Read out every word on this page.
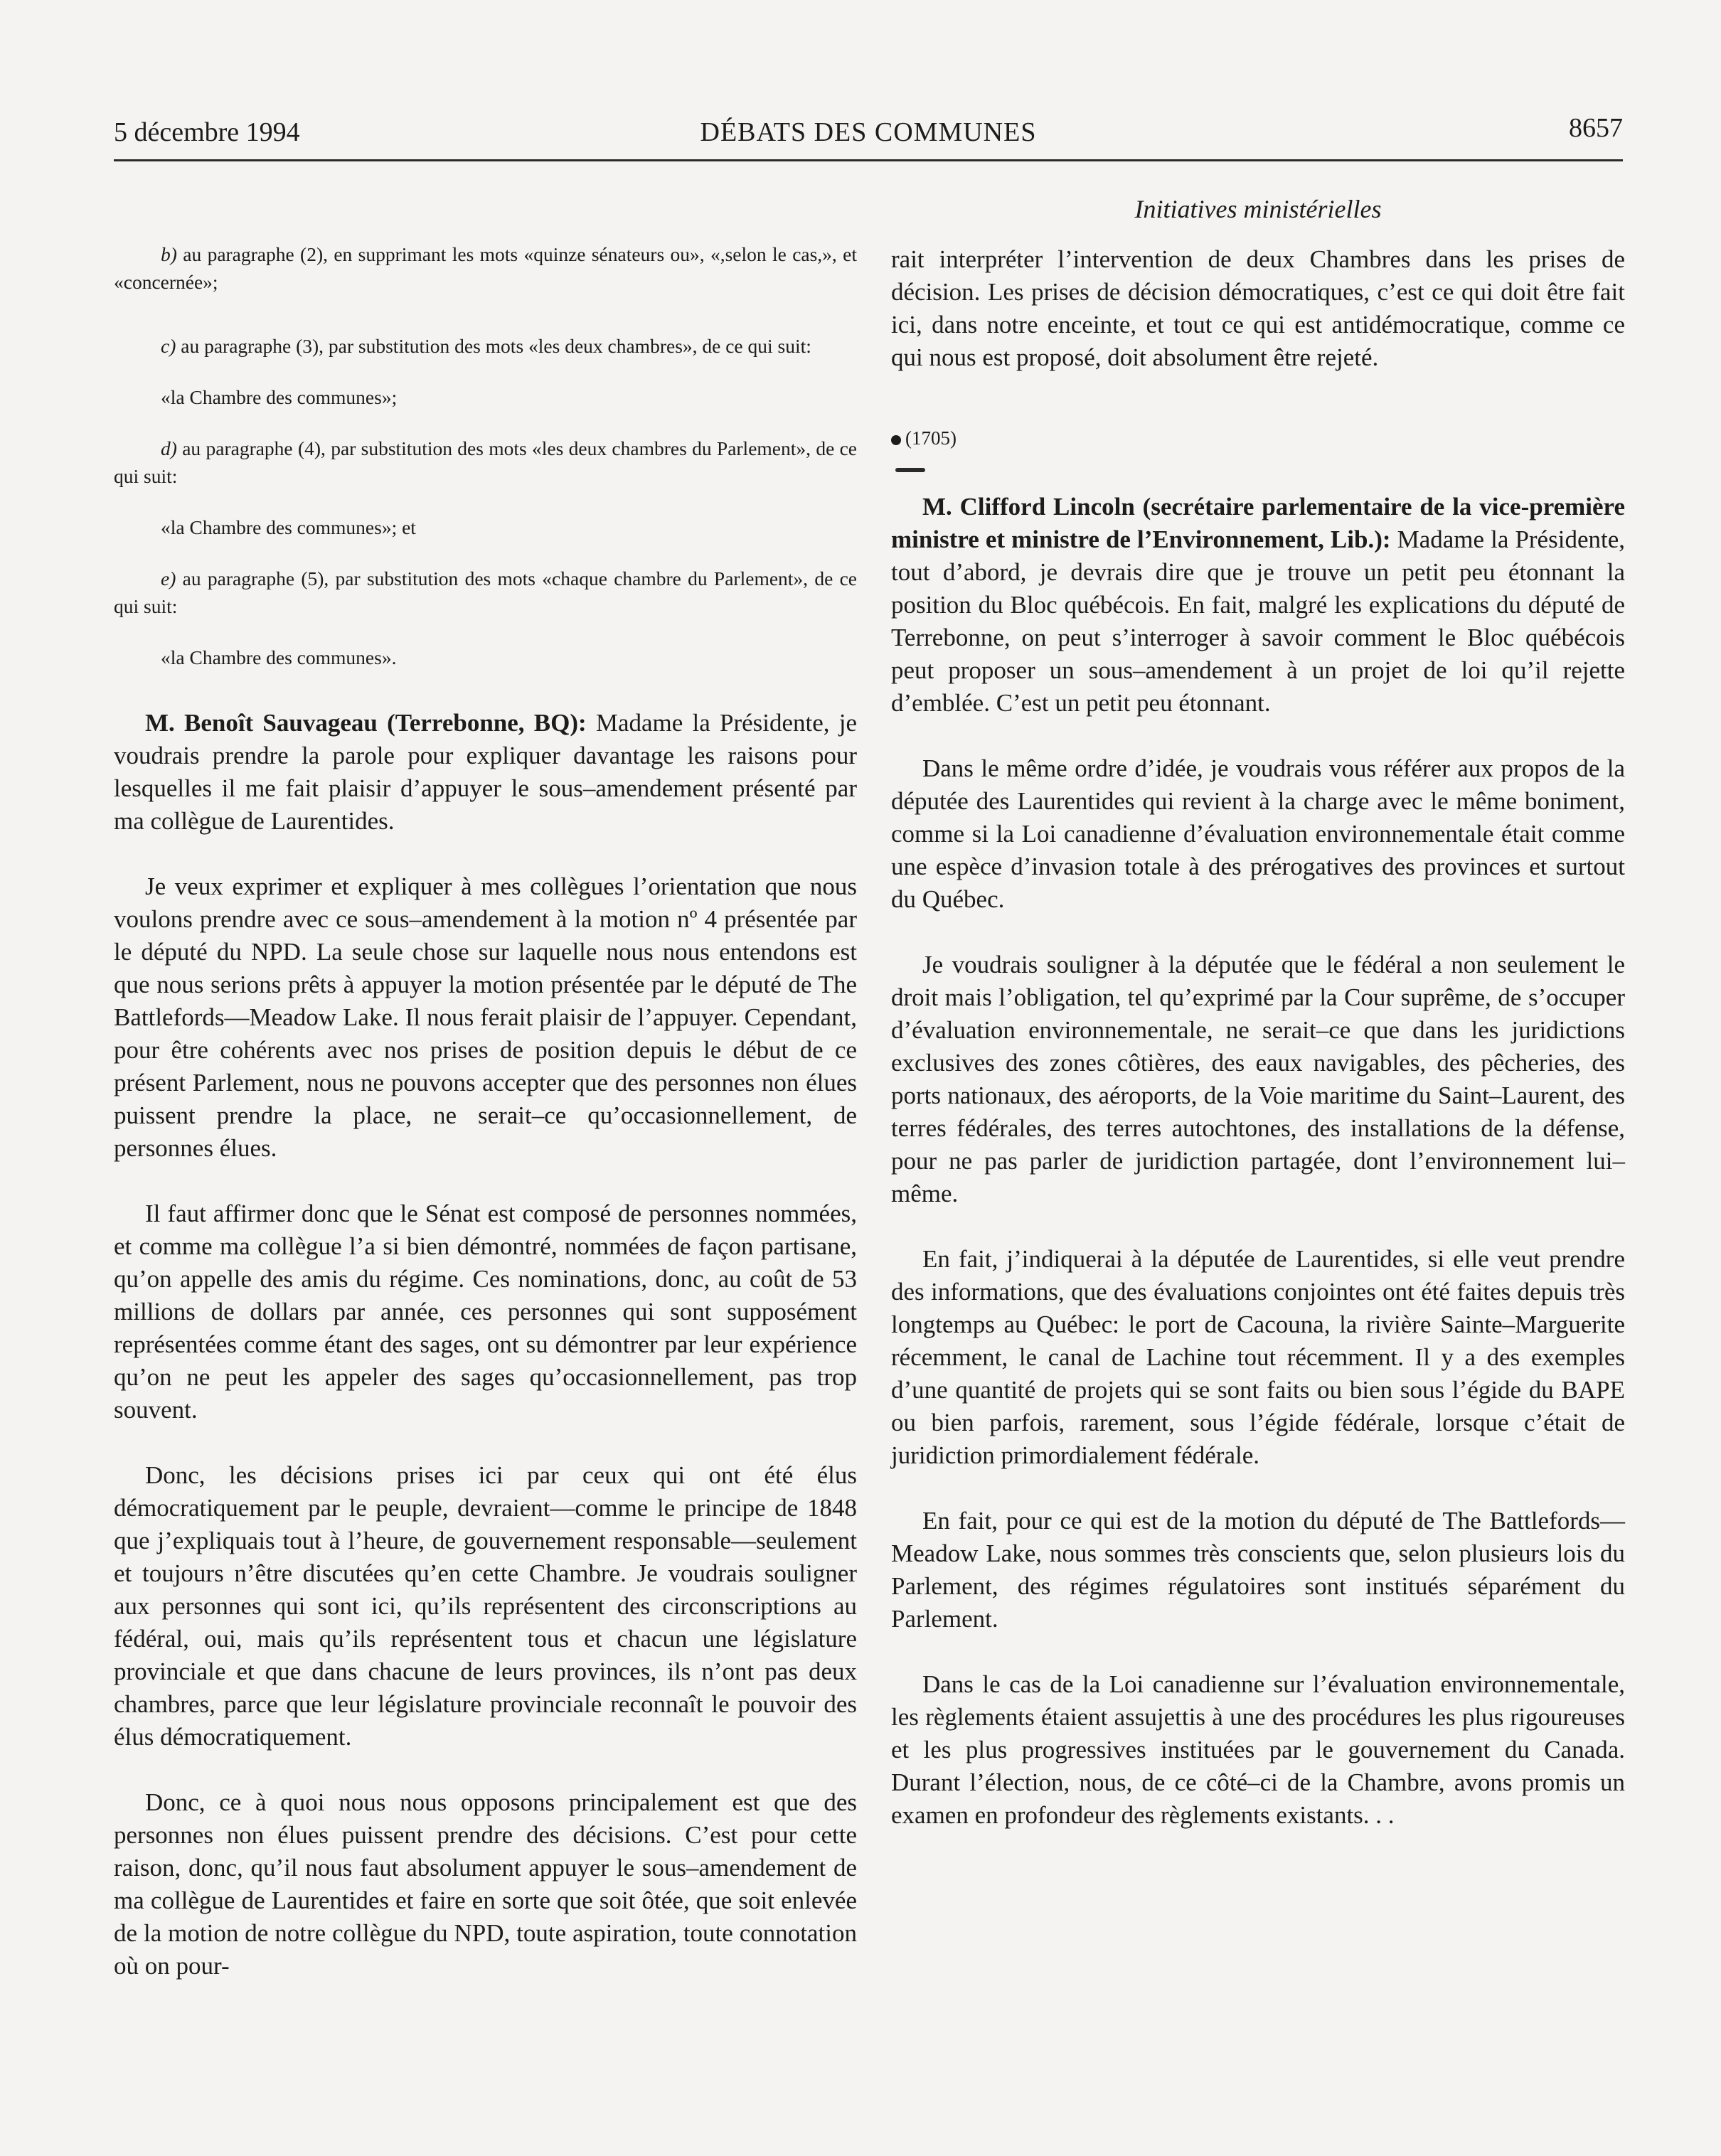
5 décembre 1994	DÉBATS DES COMMUNES	8657

b) au paragraphe (2), en supprimant les mots «quinze sénateurs ou», «,selon le cas,», et «concernée»;

c) au paragraphe (3), par substitution des mots «les deux chambres», de ce qui suit:

«la Chambre des communes»;

d) au paragraphe (4), par substitution des mots «les deux chambres du Parlement», de ce qui suit:

«la Chambre des communes»; et

e) au paragraphe (5), par substitution des mots «chaque chambre du Parlement», de ce qui suit:

«la Chambre des communes».

M. Benoît Sauvageau (Terrebonne, BQ): Madame la Présidente, je voudrais prendre la parole pour expliquer davantage les raisons pour lesquelles il me fait plaisir d’appuyer le sous–amendement présenté par ma collègue de Laurentides.

Je veux exprimer et expliquer à mes collègues l’orientation que nous voulons prendre avec ce sous–amendement à la motion nº 4 présentée par le député du NPD. La seule chose sur laquelle nous nous entendons est que nous serions prêts à appuyer la motion présentée par le député de The Battlefords—Meadow Lake. Il nous ferait plaisir de l’appuyer. Cependant, pour être cohérents avec nos prises de position depuis le début de ce présent Parlement, nous ne pouvons accepter que des personnes non élues puissent prendre la place, ne serait–ce qu’occasionnellement, de personnes élues.

Il faut affirmer donc que le Sénat est composé de personnes nommées, et comme ma collègue l’a si bien démontré, nommées de façon partisane, qu’on appelle des amis du régime. Ces nominations, donc, au coût de 53 millions de dollars par année, ces personnes qui sont supposément représentées comme étant des sages, ont su démontrer par leur expérience qu’on ne peut les appeler des sages qu’occasionnellement, pas trop souvent.

Donc, les décisions prises ici par ceux qui ont été élus démocratiquement par le peuple, devraient—comme le principe de 1848 que j’expliquais tout à l’heure, de gouvernement responsable—seulement et toujours n’être discutées qu’en cette Chambre. Je voudrais souligner aux personnes qui sont ici, qu’ils représentent des circonscriptions au fédéral, oui, mais qu’ils représentent tous et chacun une législature provinciale et que dans chacune de leurs provinces, ils n’ont pas deux chambres, parce que leur législature provinciale reconnaît le pouvoir des élus démocratiquement.

Donc, ce à quoi nous nous opposons principalement est que des personnes non élues puissent prendre des décisions. C’est pour cette raison, donc, qu’il nous faut absolument appuyer le sous–amendement de ma collègue de Laurentides et faire en sorte que soit ôtée, que soit enlevée de la motion de notre collègue du NPD, toute aspiration, toute connotation où on pour-

Initiatives ministérielles

rait interpréter l’intervention de deux Chambres dans les prises de décision. Les prises de décision démocratiques, c’est ce qui doit être fait ici, dans notre enceinte, et tout ce qui est antidémocratique, comme ce qui nous est proposé, doit absolument être rejeté.

(1705)

M. Clifford Lincoln (secrétaire parlementaire de la vice-première ministre et ministre de l’Environnement, Lib.): Madame la Présidente, tout d’abord, je devrais dire que je trouve un petit peu étonnant la position du Bloc québécois. En fait, malgré les explications du député de Terrebonne, on peut s’interroger à savoir comment le Bloc québécois peut proposer un sous–amendement à un projet de loi qu’il rejette d’emblée. C’est un petit peu étonnant.

Dans le même ordre d’idée, je voudrais vous référer aux propos de la députée des Laurentides qui revient à la charge avec le même boniment, comme si la Loi canadienne d’évaluation environnementale était comme une espèce d’invasion totale à des prérogatives des provinces et surtout du Québec.

Je voudrais souligner à la députée que le fédéral a non seulement le droit mais l’obligation, tel qu’exprimé par la Cour suprême, de s’occuper d’évaluation environnementale, ne serait–ce que dans les juridictions exclusives des zones côtières, des eaux navigables, des pêcheries, des ports nationaux, des aéroports, de la Voie maritime du Saint–Laurent, des terres fédérales, des terres autochtones, des installations de la défense, pour ne pas parler de juridiction partagée, dont l’environnement lui–même.

En fait, j’indiquerai à la députée de Laurentides, si elle veut prendre des informations, que des évaluations conjointes ont été faites depuis très longtemps au Québec: le port de Cacouna, la rivière Sainte–Marguerite récemment, le canal de Lachine tout récemment. Il y a des exemples d’une quantité de projets qui se sont faits ou bien sous l’égide du BAPE ou bien parfois, rarement, sous l’égide fédérale, lorsque c’était de juridiction primordialement fédérale.

En fait, pour ce qui est de la motion du député de The Battlefords—Meadow Lake, nous sommes très conscients que, selon plusieurs lois du Parlement, des régimes régulatoires sont institués séparément du Parlement.

Dans le cas de la Loi canadienne sur l’évaluation environnementale, les règlements étaient assujettis à une des procédures les plus rigoureuses et les plus progressives instituées par le gouvernement du Canada. Durant l’élection, nous, de ce côté–ci de la Chambre, avons promis un examen en profondeur des règlements existants. . .
